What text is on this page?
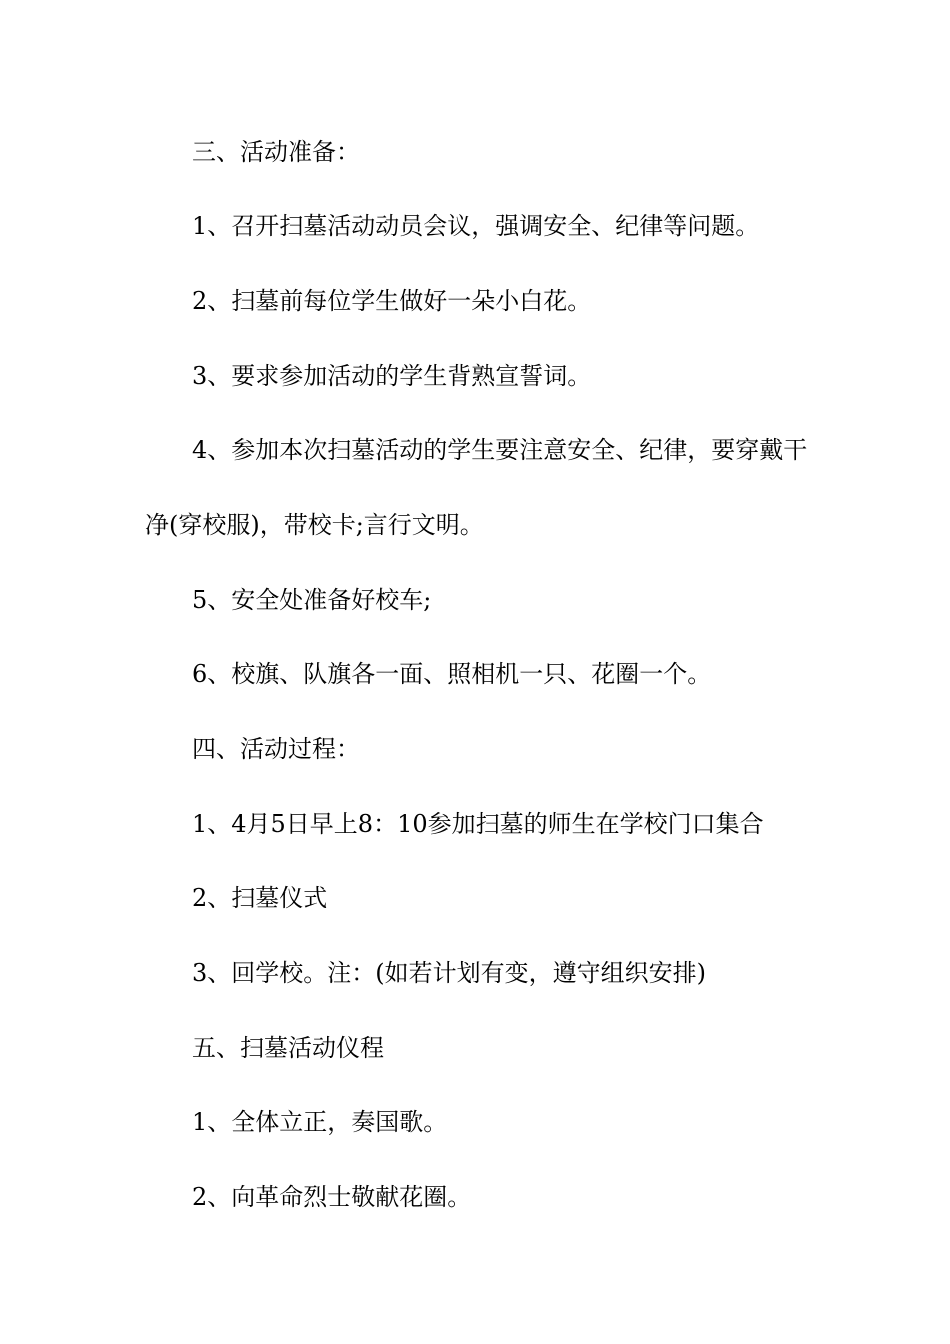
三、活动准备：
1、召开扫墓活动动员会议，强调安全、纪律等问题。
2、扫墓前每位学生做好一朵小白花。
3、要求参加活动的学生背熟宣誓词。
4、参加本次扫墓活动的学生要注意安全、纪律，要穿戴干
净(穿校服)，带校卡;言行文明。
5、安全处准备好校车;
6、校旗、队旗各一面、照相机一只、花圈一个。
四、活动过程：
1、4月5日早上8：10参加扫墓的师生在学校门口集合
2、扫墓仪式
3、回学校。注：(如若计划有变，遵守组织安排)
五、扫墓活动仪程
1、全体立正，奏国歌。
2、向革命烈士敬献花圈。
